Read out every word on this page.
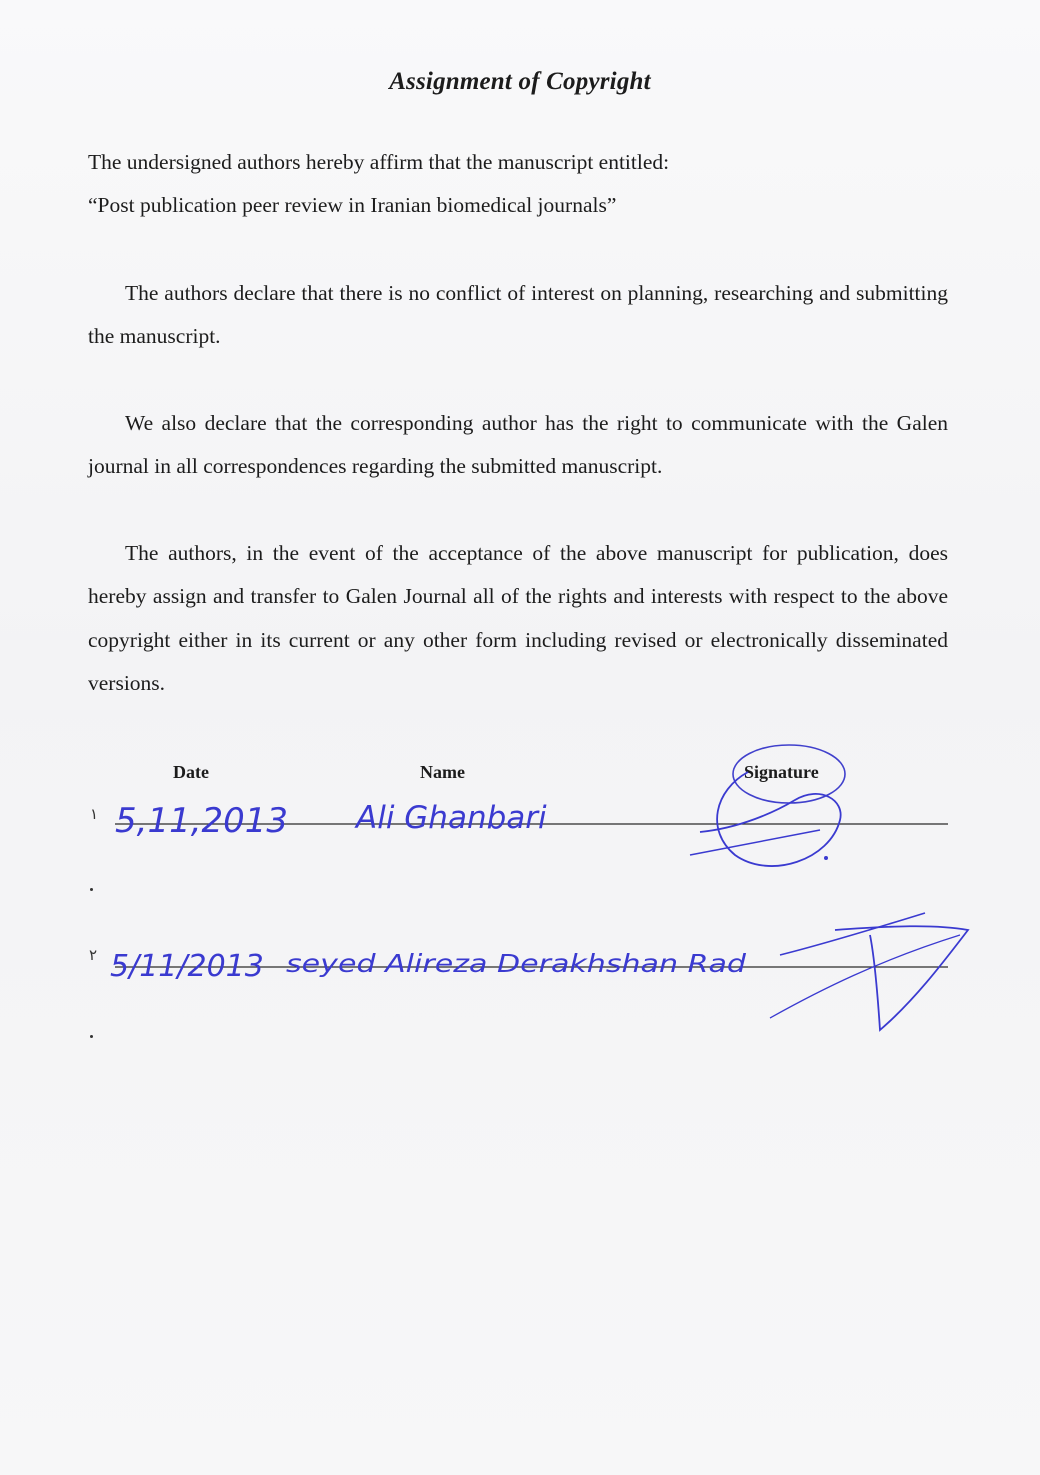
Assignment of Copyright
The undersigned authors hereby affirm that the manuscript entitled:
“Post publication peer review in Iranian biomedical journals”
The authors declare that there is no conflict of interest on planning, researching and submitting the manuscript.
We also declare that the corresponding author has the right to communicate with the Galen journal in all correspondences regarding the submitted manuscript.
The authors, in the event of the acceptance of the above manuscript for publication, does hereby assign and transfer to Galen Journal all of the rights and interests with respect to the above copyright either in its current or any other form including revised or electronically disseminated versions.
Date	Name	Signature
١
٢
5,11,2013 Ali Ghanbari
5/11/2013 seyed Alireza Derakhshan Rad
